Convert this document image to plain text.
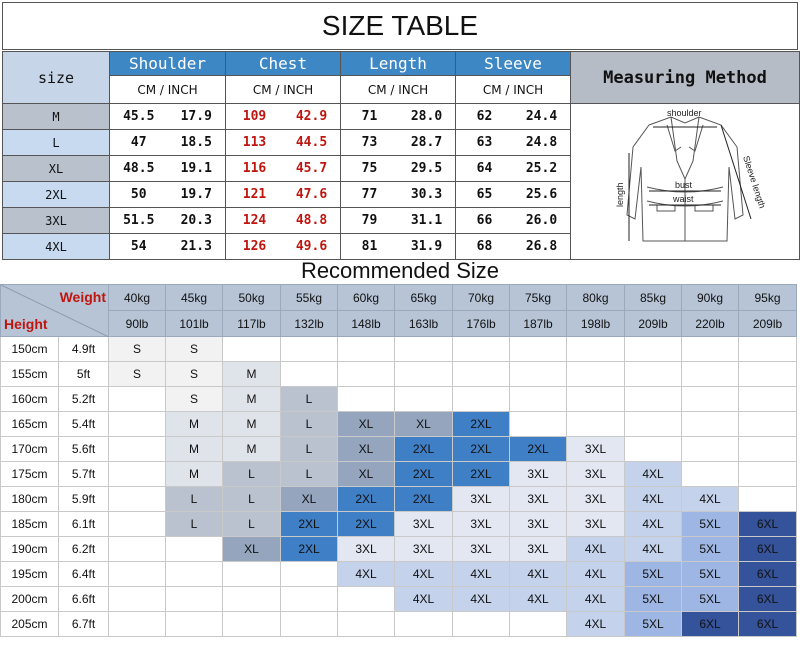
SIZE TABLE
size	Shoulder	Chest	Length	Sleeve	Measuring Method
	CM / INCH	CM / INCH	CM / INCH	CM / INCH	
M	45.5 17.9	109 42.9	71 28.0	62 24.4	shoulder
length bust
waist Sleeve length

L	47 18.5	113 44.5	73 28.7	63 24.8	
XL	48.5 19.1	116 45.7	75 29.5	64 25.2	
2XL	50 19.7	121 47.6	77 30.3	65 25.6	
3XL	51.5 20.3	124 48.8	79 31.1	66 26.0	
4XL	54 21.3	126 49.6	81 31.9	68 26.8	
Recommended Size
Weight
Height		40kg	45kg	50kg	55kg	60kg	65kg	70kg	75kg	80kg	85kg	90kg	95kg
		90lb	101lb	117lb	132lb	148lb	163lb	176lb	187lb	198lb	209lb	220lb	209lb
150cm	4.9ft	S	S										
155cm	5ft	S	S	M									
160cm	5.2ft		S	M	L								
165cm	5.4ft		M	M	L	XL	XL	2XL					
170cm	5.6ft		M	M	L	XL	2XL	2XL	2XL	3XL			
175cm	5.7ft		M	L	L	XL	2XL	2XL	3XL	3XL	4XL		
180cm	5.9ft		L	L	XL	2XL	2XL	3XL	3XL	3XL	4XL	4XL	
185cm	6.1ft		L	L	2XL	2XL	3XL	3XL	3XL	3XL	4XL	5XL	6XL
190cm	6.2ft			XL	2XL	3XL	3XL	3XL	3XL	4XL	4XL	5XL	6XL
195cm	6.4ft					4XL	4XL	4XL	4XL	4XL	5XL	5XL	6XL
200cm	6.6ft						4XL	4XL	4XL	4XL	5XL	5XL	6XL
205cm	6.7ft									4XL	5XL	6XL	6XL
